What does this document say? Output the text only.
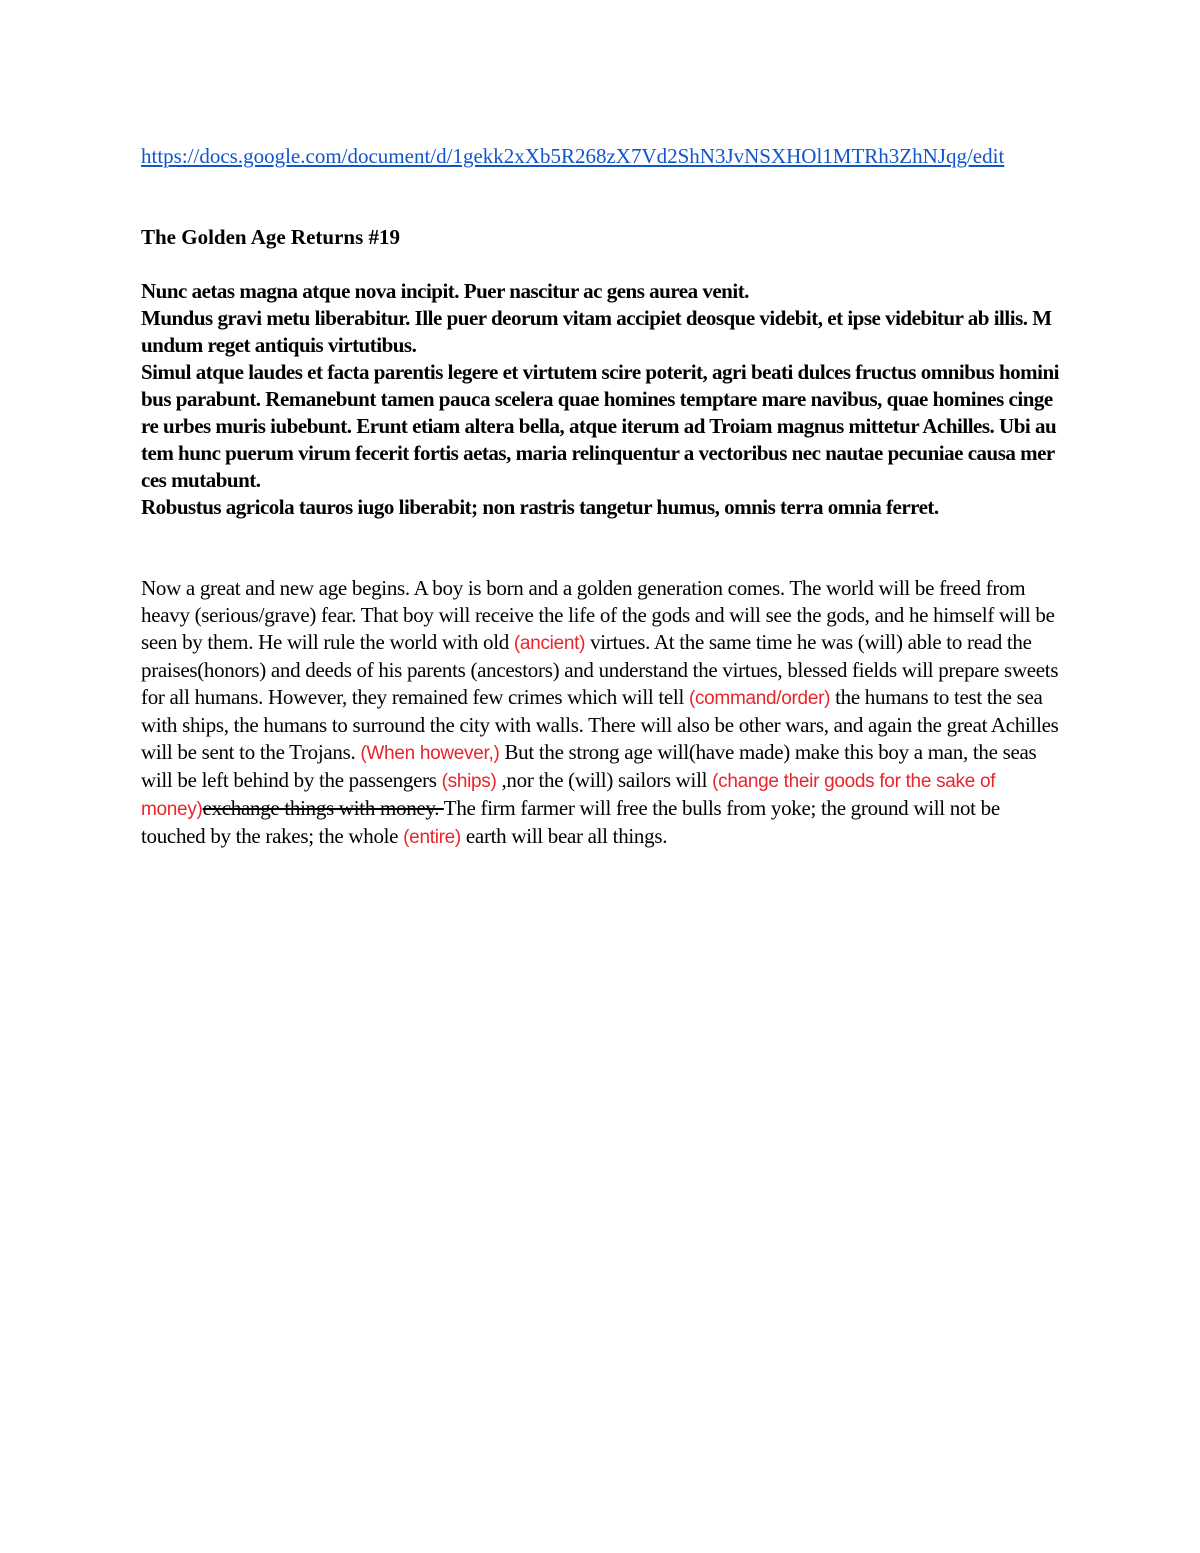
https://docs.google.com/document/d/1gekk2xXb5R268zX7Vd2ShN3JvNSXHOl1MTRh3ZhNJqg/edit
The Golden Age Returns #19
Nunc aetas magna atque nova incipit. Puer nascitur ac gens aurea venit.
Mundus gravi metu liberabitur. Ille puer deorum vitam accipiet deosque videbit, et ipse videbitur ab illis. Mundum reget antiquis virtutibus.
Simul atque laudes et facta parentis legere et virtutem scire poterit, agri beati dulces fructus omnibus hominibus parabunt. Remanebunt tamen pauca scelera quae homines temptare mare navibus, quae homines cingere urbes muris iubebunt. Erunt etiam altera bella, atque iterum ad Troiam magnus mittetur Achilles. Ubi autem hunc puerum virum fecerit fortis aetas, maria relinquentur a vectoribus nec nautae pecuniae causa merces mutabunt.
Robustus agricola tauros iugo liberabit; non rastris tangetur humus, omnis terra omnia ferret.
Now a great and new age begins. A boy is born and a golden generation comes. The world will be freed from heavy (serious/grave) fear. That boy will receive the life of the gods and will see the gods, and he himself will be seen by them. He will rule the world with old (ancient) virtues. At the same time he was (will) able to read the praises(honors) and deeds of his parents (ancestors) and understand the virtues, blessed fields will prepare sweets for all humans. However, they remained few crimes which will tell (command/order) the humans to test the sea with ships, the humans to surround the city with walls. There will also be other wars, and again the great Achilles will be sent to the Trojans. (When however,) But the strong age will(have made) make this boy a man, the seas will be left behind by the passengers (ships) ,nor the (will) sailors will (change their goods for the sake of money)exchange things with money. The firm farmer will free the bulls from yoke; the ground will not be touched by the rakes; the whole (entire) earth will bear all things.
